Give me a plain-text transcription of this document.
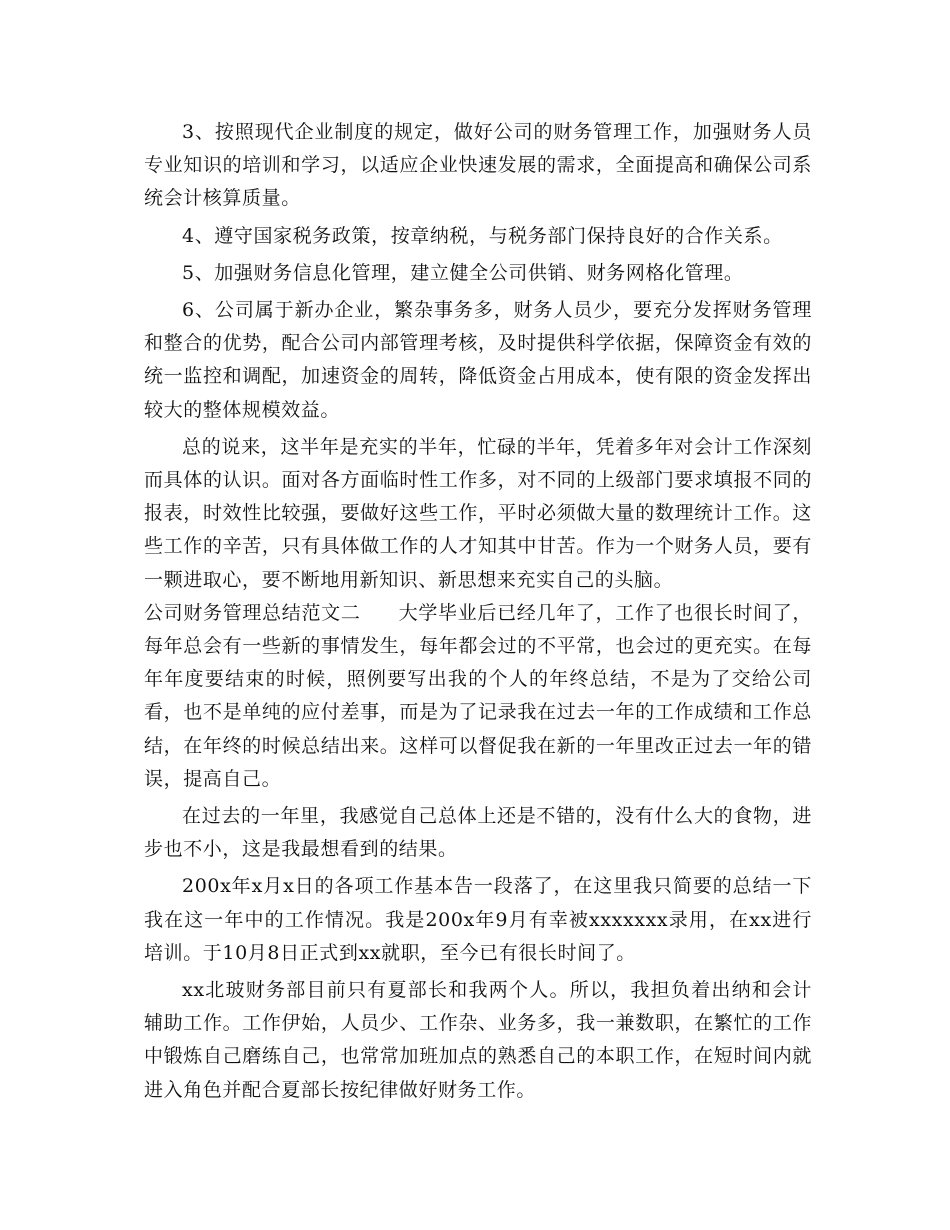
3、按照现代企业制度的规定，做好公司的财务管理工作，加强财务人员专业知识的培训和学习，以适应企业快速发展的需求，全面提高和确保公司系统会计核算质量。

4、遵守国家税务政策，按章纳税，与税务部门保持良好的合作关系。

5、加强财务信息化管理，建立健全公司供销、财务网格化管理。

6、公司属于新办企业，繁杂事务多，财务人员少，要充分发挥财务管理和整合的优势，配合公司内部管理考核，及时提供科学依据，保障资金有效的统一监控和调配，加速资金的周转，降低资金占用成本，使有限的资金发挥出较大的整体规模效益。

总的说来，这半年是充实的半年，忙碌的半年，凭着多年对会计工作深刻而具体的认识。面对各方面临时性工作多，对不同的上级部门要求填报不同的报表，时效性比较强，要做好这些工作，平时必须做大量的数理统计工作。这些工作的辛苦，只有具体做工作的人才知其中甘苦。作为一个财务人员，要有一颗进取心，要不断地用新知识、新思想来充实自己的头脑。

公司财务管理总结范文二 大学毕业后已经几年了，工作了也很长时间了，每年总会有一些新的事情发生，每年都会过的不平常，也会过的更充实。在每年年度要结束的时候，照例要写出我的个人的年终总结，不是为了交给公司看，也不是单纯的应付差事，而是为了记录我在过去一年的工作成绩和工作总结，在年终的时候总结出来。这样可以督促我在新的一年里改正过去一年的错误，提高自己。

在过去的一年里，我感觉自己总体上还是不错的，没有什么大的食物，进步也不小，这是我最想看到的结果。

200x年x月x日的各项工作基本告一段落了，在这里我只简要的总结一下我在这一年中的工作情况。我是200x年9月有幸被xxxxxxx录用，在xx进行培训。于10月8日正式到xx就职，至今已有很长时间了。

xx北玻财务部目前只有夏部长和我两个人。所以，我担负着出纳和会计辅助工作。工作伊始，人员少、工作杂、业务多，我一兼数职，在繁忙的工作中锻炼自己磨练自己，也常常加班加点的熟悉自己的本职工作，在短时间内就进入角色并配合夏部长按纪律做好财务工作。
